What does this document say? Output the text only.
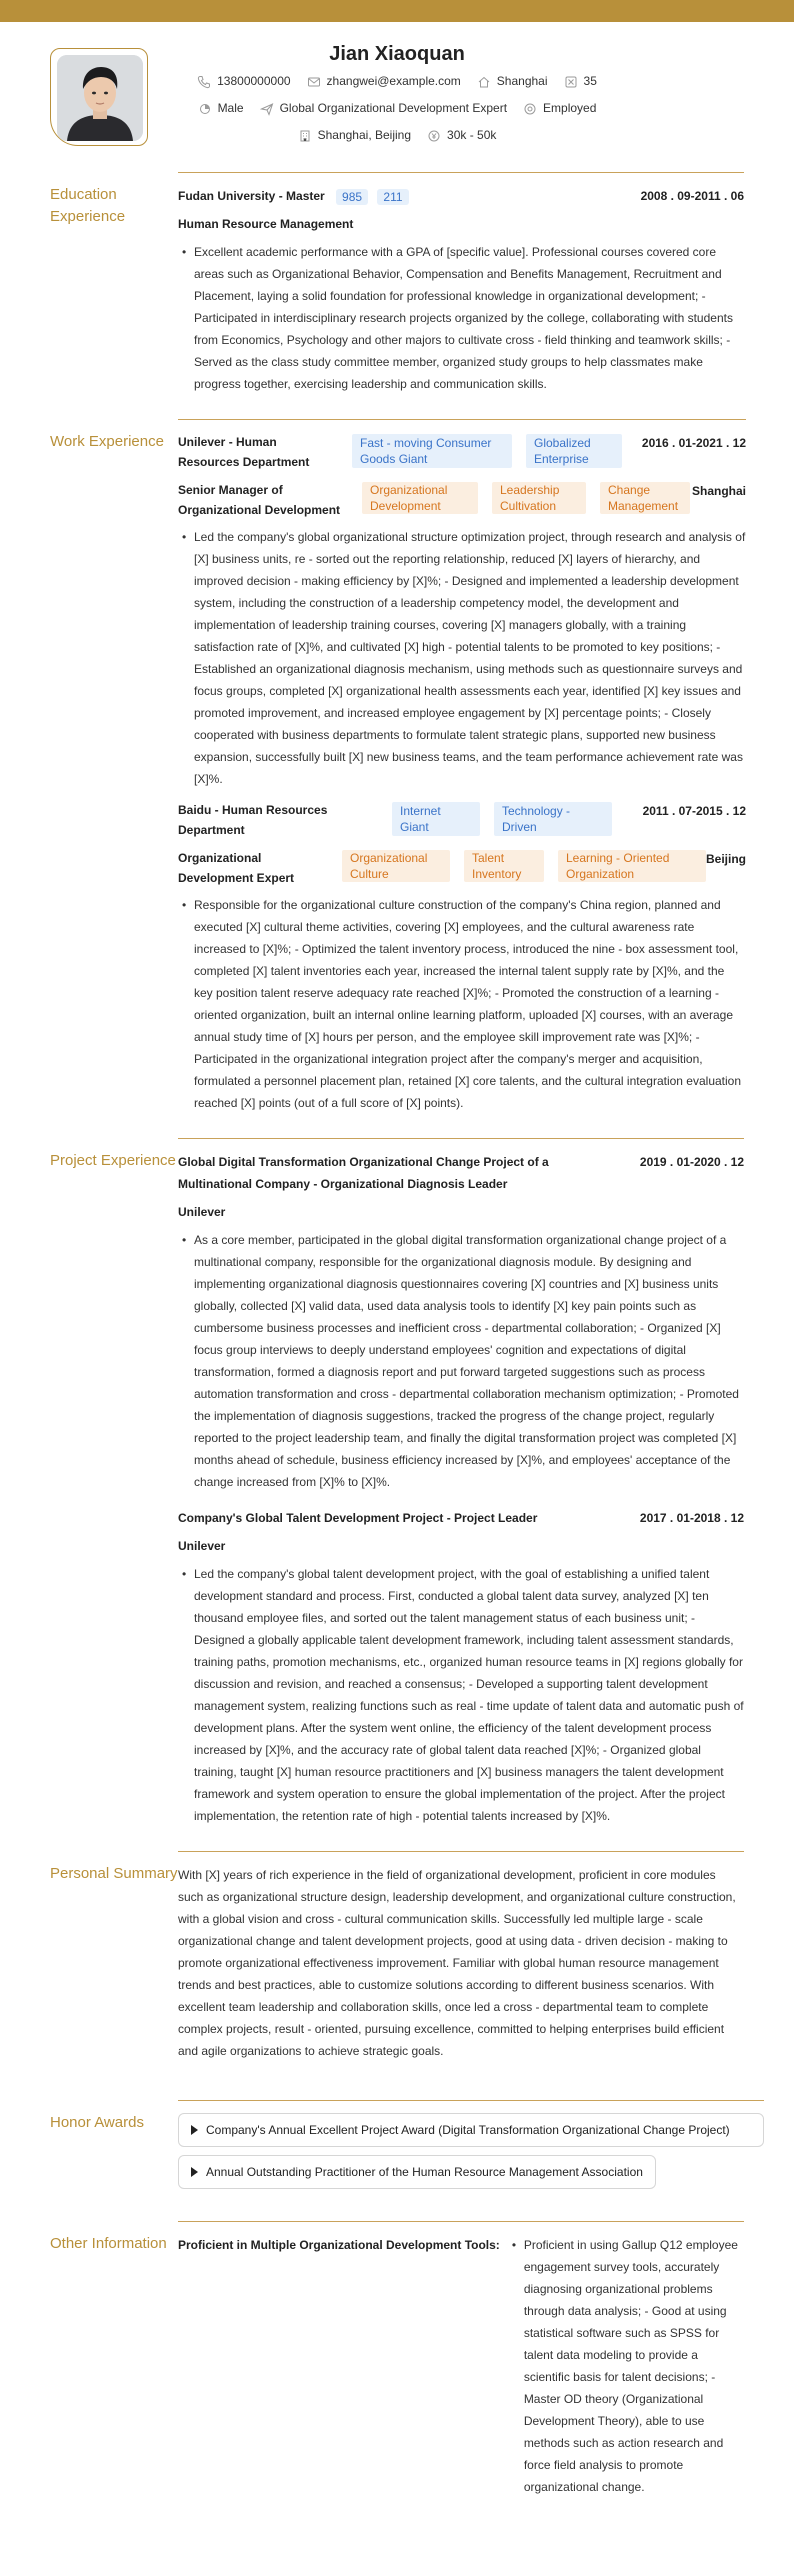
Jian Xiaoquan
13800000000	zhangwei@example.com	Shanghai	35
Male	Global Organizational Development Expert	Employed
Shanghai, Beijing	30k - 50k
Education Experience
Fudan University - Master 985 211	2008 . 09-2011 . 06
Human Resource Management
• Excellent academic performance with a GPA of [specific value]. Professional courses covered core areas such as Organizational Behavior, Compensation and Benefits Management, Recruitment and Placement, laying a solid foundation for professional knowledge in organizational development; - Participated in interdisciplinary research projects organized by the college, collaborating with students from Economics, Psychology and other majors to cultivate cross - field thinking and teamwork skills; - Served as the class study committee member, organized study groups to help classmates make progress together, exercising leadership and communication skills.
Work Experience	Unilever - Human Resources Department
Fast - moving Consumer Goods Giant
Globalized Enterprise
2016 . 01-2021 . 12
Senior Manager of Organizational Development
Organizational Development
Leadership Cultivation
Change Management
Shanghai
• Led the company's global organizational structure optimization project, through research and analysis of [X] business units, re - sorted out the reporting relationship, reduced [X] layers of hierarchy, and improved decision - making efficiency by [X]%; - Designed and implemented a leadership development system, including the construction of a leadership competency model, the development and implementation of leadership training courses, covering [X] managers globally, with a training satisfaction rate of [X]%, and cultivated [X] high - potential talents to be promoted to key positions; - Established an organizational diagnosis mechanism, using methods such as questionnaire surveys and focus groups, completed [X] organizational health assessments each year, identified [X] key issues and promoted improvement, and increased employee engagement by [X] percentage points; - Closely cooperated with business departments to formulate talent strategic plans, supported new business expansion, successfully built [X] new business teams, and the team performance achievement rate was [X]%.
Baidu - Human Resources Department
Internet Giant
Technology - Driven
2011 . 07-2015 . 12
Organizational Development Expert
Organizational Culture
Talent Inventory
Learning - Oriented Organization
Beijing
• Responsible for the organizational culture construction of the company's China region, planned and executed [X] cultural theme activities, covering [X] employees, and the cultural awareness rate increased to [X]%; - Optimized the talent inventory process, introduced the nine - box assessment tool, completed [X] talent inventories each year, increased the internal talent supply rate by [X]%, and the key position talent reserve adequacy rate reached [X]%; - Promoted the construction of a learning - oriented organization, built an internal online learning platform, uploaded [X] courses, with an average annual study time of [X] hours per person, and the employee skill improvement rate was [X]%; - Participated in the organizational integration project after the company's merger and acquisition, formulated a personnel placement plan, retained [X] core talents, and the cultural integration evaluation reached [X] points (out of a full score of [X] points).
Project Experience Global Digital Transformation Organizational Change Project of a Multinational Company - Organizational Diagnosis Leader
2019 . 01-2020 . 12
Unilever
• As a core member, participated in the global digital transformation organizational change project of a multinational company, responsible for the organizational diagnosis module. By designing and implementing organizational diagnosis questionnaires covering [X] countries and [X] business units globally, collected [X] valid data, used data analysis tools to identify [X] key pain points such as cumbersome business processes and inefficient cross - departmental collaboration; - Organized [X] focus group interviews to deeply understand employees' cognition and expectations of digital transformation, formed a diagnosis report and put forward targeted suggestions such as process automation transformation and cross - departmental collaboration mechanism optimization; - Promoted the implementation of diagnosis suggestions, tracked the progress of the change project, regularly reported to the project leadership team, and finally the digital transformation project was completed [X] months ahead of schedule, business efficiency increased by [X]%, and employees' acceptance of the change increased from [X]% to [X]%.
Company's Global Talent Development Project - Project Leader	2017 . 01-2018 . 12
Unilever
• Led the company's global talent development project, with the goal of establishing a unified talent development standard and process. First, conducted a global talent data survey, analyzed [X] ten thousand employee files, and sorted out the talent management status of each business unit; - Designed a globally applicable talent development framework, including talent assessment standards, training paths, promotion mechanisms, etc., organized human resource teams in [X] regions globally for discussion and revision, and reached a consensus; - Developed a supporting talent development management system, realizing functions such as real - time update of talent data and automatic push of development plans. After the system went online, the efficiency of the talent development process increased by [X]%, and the accuracy rate of global talent data reached [X]%; - Organized global training, taught [X] human resource practitioners and [X] business managers the talent development framework and system operation to ensure the global implementation of the project. After the project implementation, the retention rate of high - potential talents increased by [X]%.
Personal Summary With [X] years of rich experience in the field of organizational development, proficient in core modules such as organizational structure design, leadership development, and organizational culture construction, with a global vision and cross - cultural communication skills. Successfully led multiple large - scale organizational change and talent development projects, good at using data - driven decision - making to promote organizational effectiveness improvement. Familiar with global human resource management trends and best practices, able to customize solutions according to different business scenarios. With excellent team leadership and collaboration skills, once led a cross - departmental team to complete complex projects, result - oriented, pursuing excellence, committed to helping enterprises build efficient and agile organizations to achieve strategic goals.
Honor Awards	Company's Annual Excellent Project Award (Digital Transformation Organizational Change Project)

Annual Outstanding Practitioner of the Human Resource Management Association
Other Information Proficient in Multiple Organizational Development Tools:
•	Proficient in using Gallup Q12 employee engagement survey tools, accurately diagnosing organizational problems through data analysis; - Good at using statistical software such as SPSS for talent data modeling to provide a scientific basis for talent decisions; - Master OD theory (Organizational Development Theory), able to use methods such as action research and force field analysis to promote organizational change.
